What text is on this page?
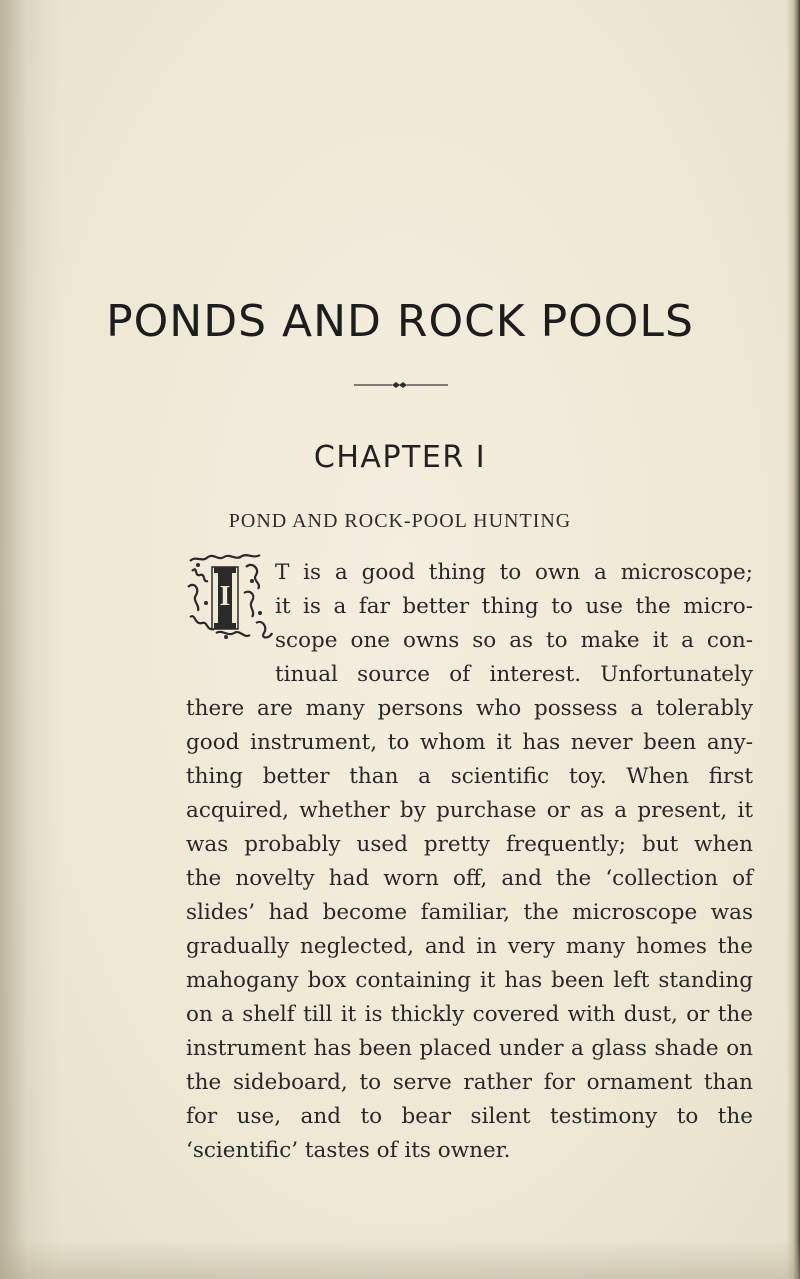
PONDS AND ROCK POOLS
CHAPTER I
POND AND ROCK-POOL HUNTING
I
T is a good thing to own a microscope;
it is a far better thing to use the micro-
scope one owns so as to make it a con-
tinual source of interest. Unfortunately
there are many persons who possess a tolerably
good instrument, to whom it has never been any-
thing better than a scientific toy. When first
acquired, whether by purchase or as a present, it
was probably used pretty frequently; but when
the novelty had worn off, and the ‘collection of
slides’ had become familiar, the microscope was
gradually neglected, and in very many homes the
mahogany box containing it has been left standing
on a shelf till it is thickly covered with dust, or the
instrument has been placed under a glass shade on
the sideboard, to serve rather for ornament than
for use, and to bear silent testimony to the
‘scientific’ tastes of its owner.
